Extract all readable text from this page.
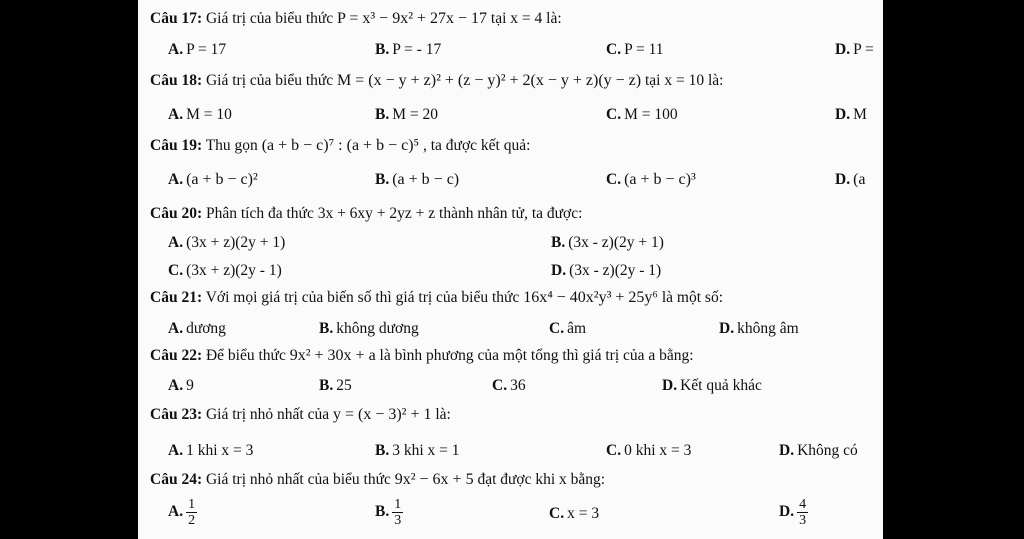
Câu 17: Giá trị của biểu thức P = x³ − 9x² + 27x − 17 tại x = 4 là:
A. P = 17	B. P = - 17	C. P = 11	D. P =
Câu 18: Giá trị của biểu thức M = (x − y + z)² + (z − y)² + 2(x − y + z)(y − z) tại x = 10 là:
A. M = 10	B. M = 20	C. M = 100	D. M
Câu 19: Thu gọn (a + b − c)⁷ : (a + b − c)⁵ , ta được kết quả:
A. (a + b − c)²	B. (a + b − c)	C. (a + b − c)³	D. (a
Câu 20: Phân tích đa thức 3x + 6xy + 2yz + z thành nhân tử, ta được:
A. (3x + z)(2y + 1)	B. (3x - z)(2y + 1)
C. (3x + z)(2y - 1)	D. (3x - z)(2y - 1)
Câu 21: Với mọi giá trị của biến số thì giá trị của biểu thức 16x⁴ − 40x²y³ + 25y⁶ là một số:
A. dương	B. không dương	C. âm	D. không âm
Câu 22: Để biểu thức 9x² + 30x + a là bình phương của một tổng thì giá trị của a bằng:
A. 9	B. 25	C. 36	D. Kết quả khác
Câu 23: Giá trị nhỏ nhất của y = (x − 3)² + 1 là:
A. 1 khi x = 3	B. 3 khi x = 1	C. 0 khi x = 3	D. Không có
Câu 24: Giá trị nhỏ nhất của biểu thức 9x² − 6x + 5 đạt được khi x bằng:
A. $\frac{1}{2}$	B. $\frac{1}{3}$	C. x = 3	D. $\frac{4}{3}$
